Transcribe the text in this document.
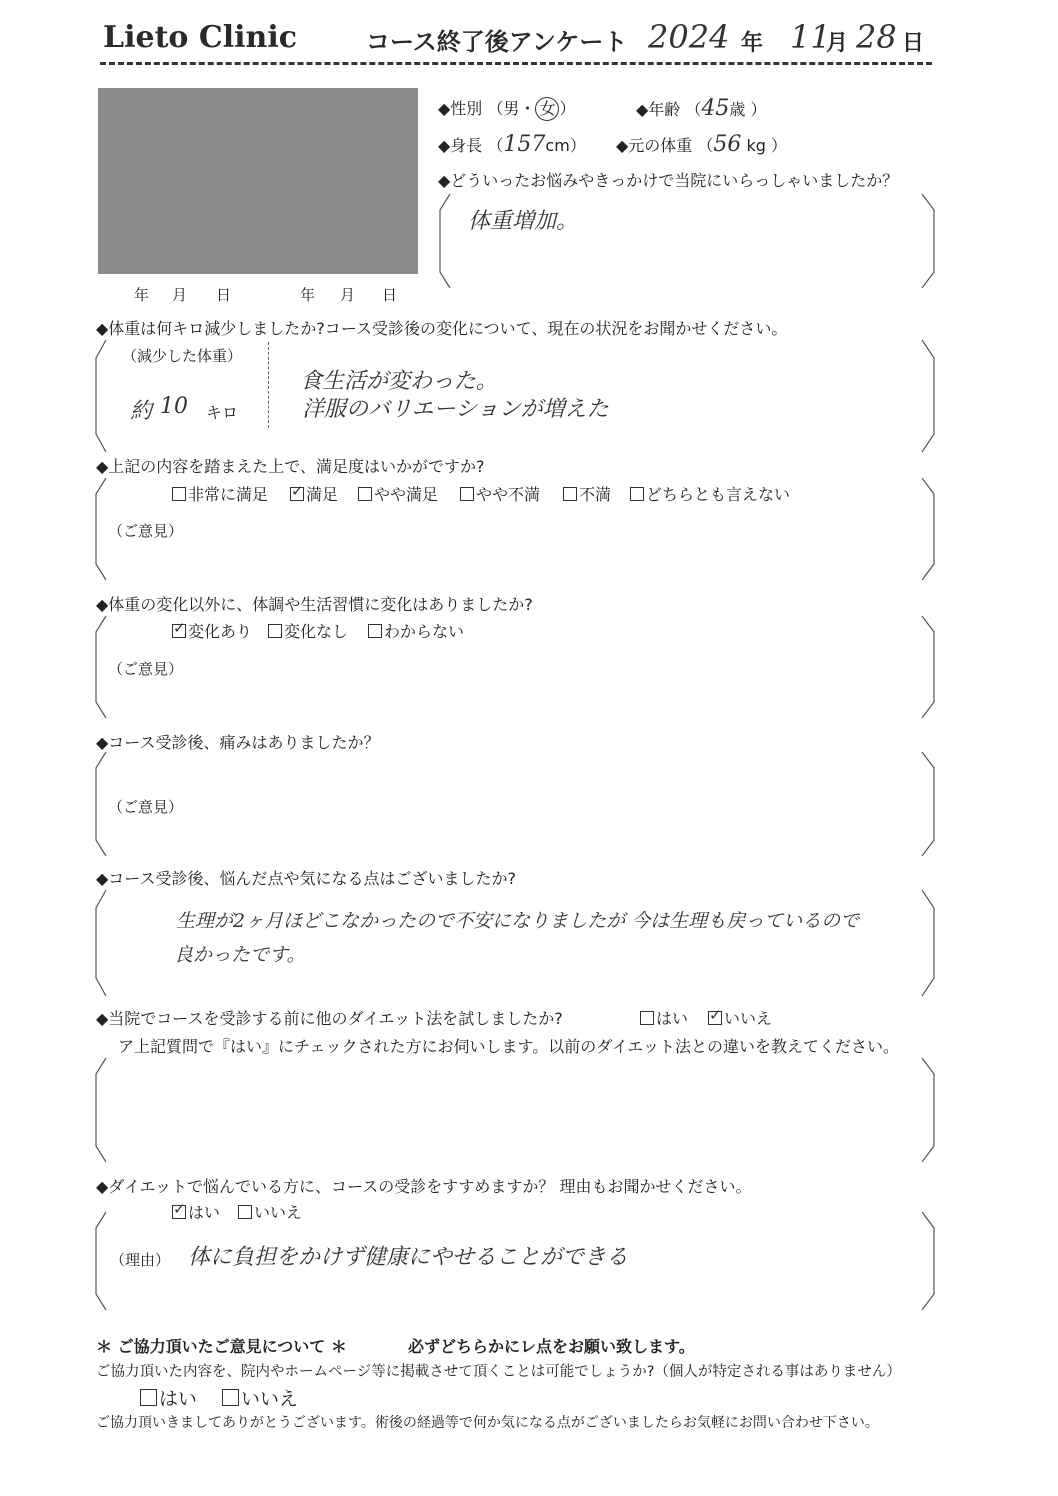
Lieto Clinic	コース終了後アンケート 2024 年 11
月 28 日
年 月 日	年 月 日
◆性別 （男・ 女 ）	◆年齢 （45歳 ）
◆身長 （157cm） ◆元の体重 （56 kg ）
◆どういったお悩みやきっかけで当院にいらっしゃいましたか？
体重増加。
◆体重は何キロ減少しましたか?コース受診後の変化について、現在の状況をお聞かせください。
（減少した体重）
約 10 キロ
食生活が変わった。
洋服のバリエーションが増えた
◆上記の内容を踏まえた上で、満足度はいかがですか?
非常に満足 ✓	満足	やや満足	やや不満	不満	どちらとも言えない
（ご意見）
◆体重の変化以外に、体調や生活習慣に変化はありましたか?
✓変化あり	変化なし	わからない
（ご意見）
◆コース受診後、痛みはありましたか？
（ご意見）
◆コース受診後、悩んだ点や気になる点はございましたか?
生理が2ヶ月ほどこなかったので不安になりましたが 今は生理も戻っているので
良かったです。
◆当院でコースを受診する前に他のダイエット法を試しましたか?	はい ✓	いいえ
ア上記質問で『はい』にチェックされた方にお伺いします。以前のダイエット法との違いを教えてください。
◆ダイエットで悩んでいる方に、コースの受診をすすめますか？ 理由もお聞かせください。
✓はい	いいえ
（理由） 体に負担をかけず健康にやせることができる
＊ ご協力頂いたご意見について ＊	必ずどちらかにレ点をお願い致します。
ご協力頂いた内容を、院内やホームページ等に掲載させて頂くことは可能でしょうか?（個人が特定される事はありません）
はい	いいえ
ご協力頂いきましてありがとうございます。術後の経過等で何か気になる点がございましたらお気軽にお問い合わせ下さい。
